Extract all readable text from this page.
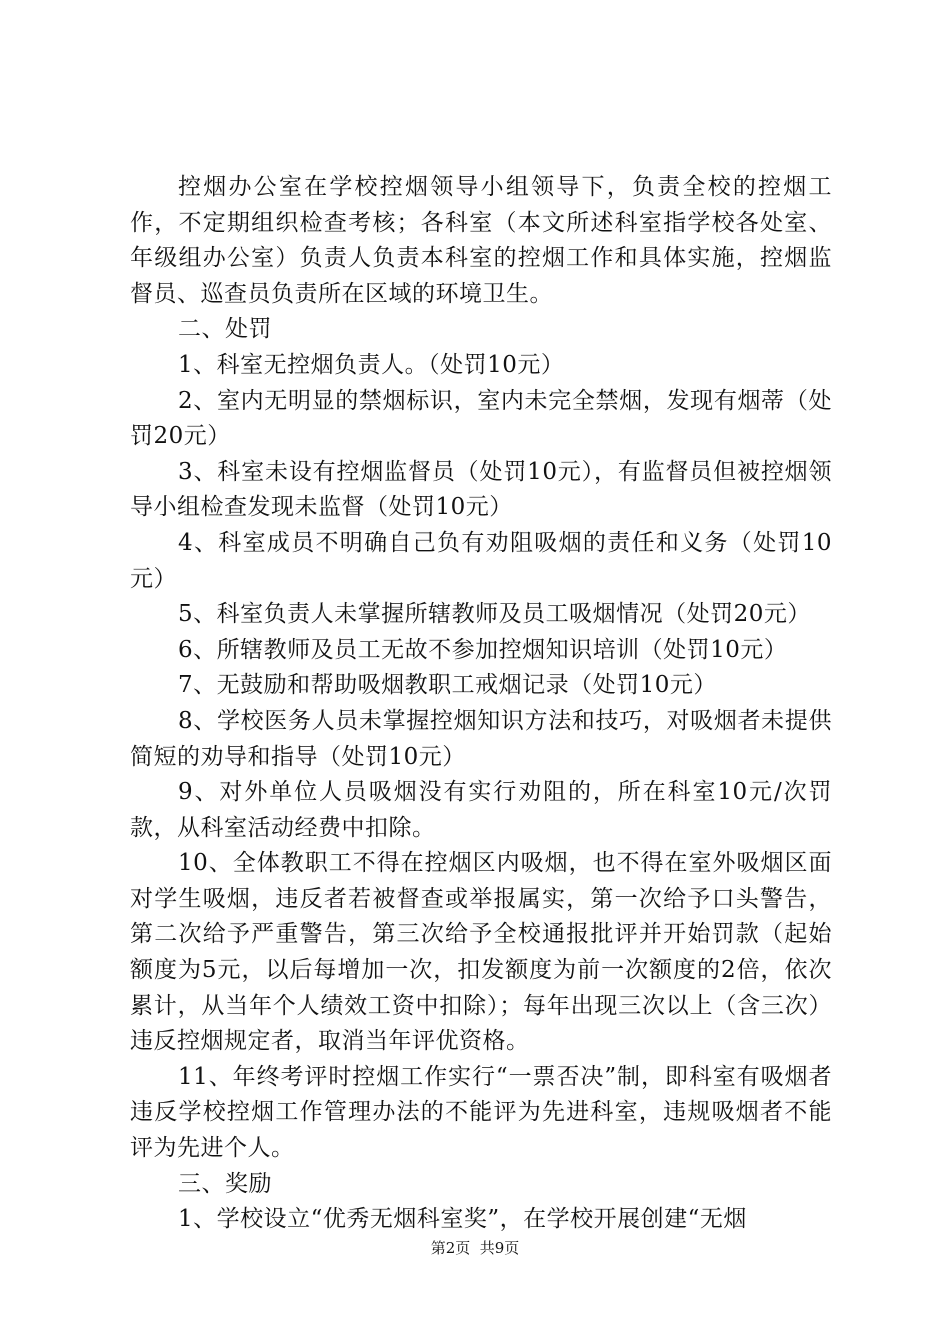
控烟办公室在学校控烟领导小组领导下，负责全校的控烟工作，不定期组织检查考核；各科室（本文所述科室指学校各处室、年级组办公室）负责人负责本科室的控烟工作和具体实施，控烟监督员、巡查员负责所在区域的环境卫生。

二、处罚

1、科室无控烟负责人。（处罚10元）

2、室内无明显的禁烟标识，室内未完全禁烟，发现有烟蒂（处罚20元）

3、科室未设有控烟监督员（处罚10元），有监督员但被控烟领导小组检查发现未监督（处罚10元）

4、科室成员不明确自己负有劝阻吸烟的责任和义务（处罚10元）

5、科室负责人未掌握所辖教师及员工吸烟情况（处罚20元）

6、所辖教师及员工无故不参加控烟知识培训（处罚10元）

7、无鼓励和帮助吸烟教职工戒烟记录（处罚10元）

8、学校医务人员未掌握控烟知识方法和技巧，对吸烟者未提供简短的劝导和指导（处罚10元）

9、对外单位人员吸烟没有实行劝阻的，所在科室10元/次罚款，从科室活动经费中扣除。

10、全体教职工不得在控烟区内吸烟，也不得在室外吸烟区面对学生吸烟，违反者若被督查或举报属实，第一次给予口头警告，第二次给予严重警告，第三次给予全校通报批评并开始罚款（起始额度为5元，以后每增加一次，扣发额度为前一次额度的2倍，依次累计，从当年个人绩效工资中扣除）；每年出现三次以上（含三次）违反控烟规定者，取消当年评优资格。

11、年终考评时控烟工作实行“一票否决”制，即科室有吸烟者违反学校控烟工作管理办法的不能评为先进科室，违规吸烟者不能评为先进个人。

三、奖励

1、学校设立“优秀无烟科室奖”，在学校开展创建“无烟

第2页  共9页
